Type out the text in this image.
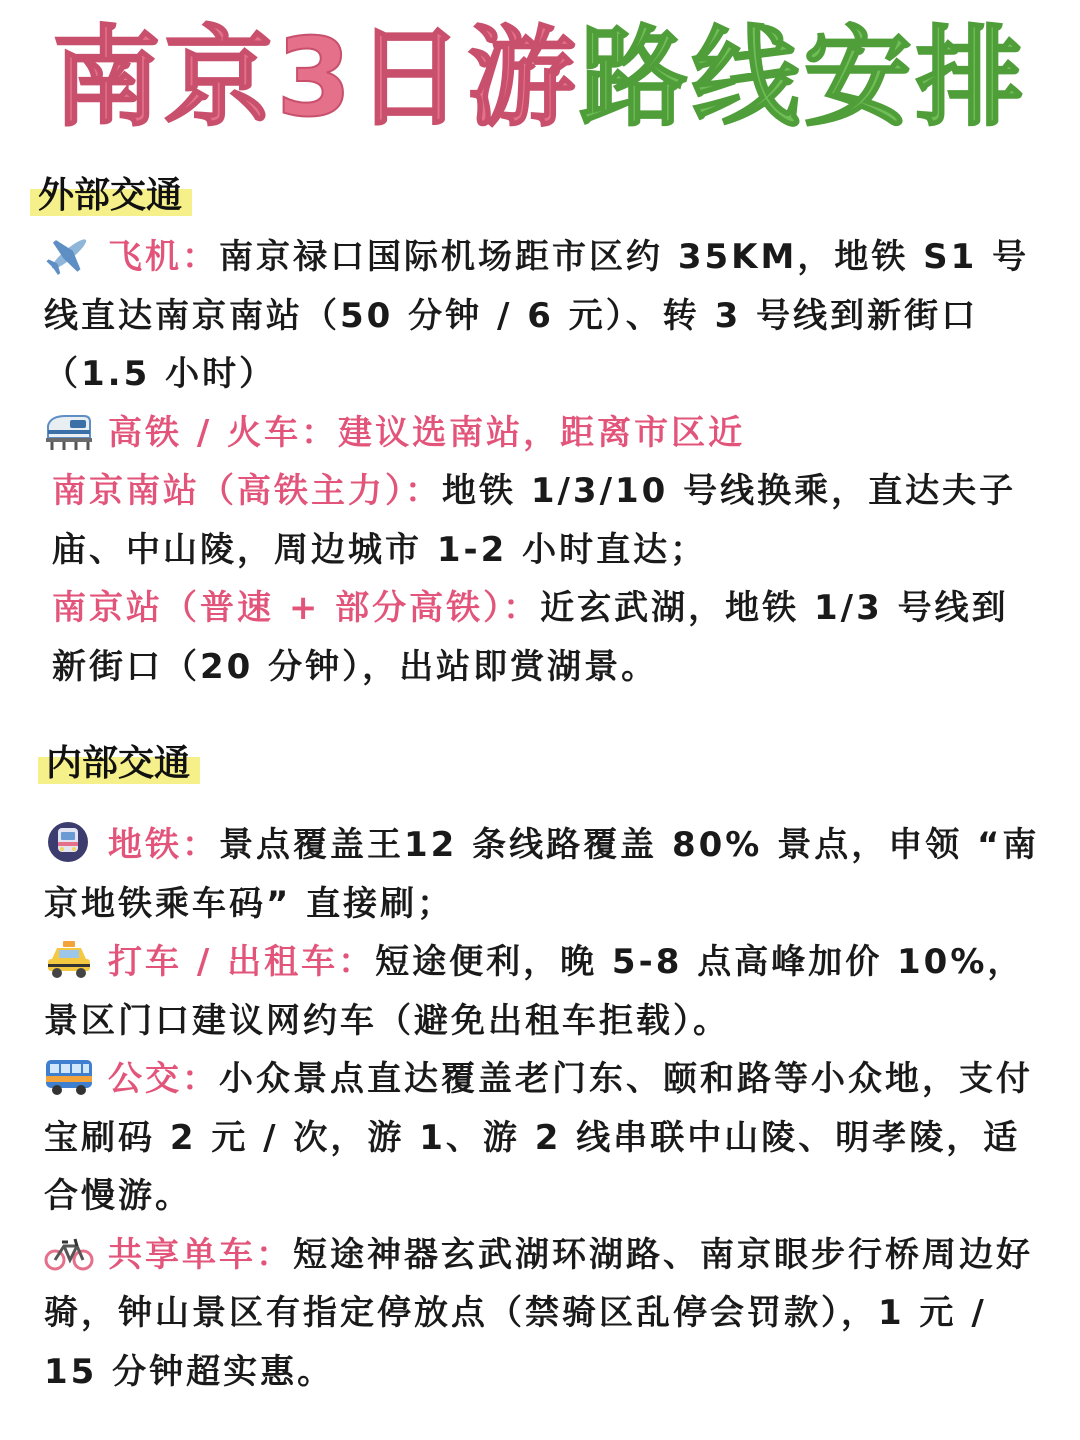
南京3日游路线安排
外部交通
飞机：南京禄口国际机场距市区约 35KM，地铁 S1 号线直达南京南站（50 分钟 / 6 元）、转 3 号线到新街口（1.5 小时）
高铁 / 火车：建议选南站，距离市区近
南京南站（高铁主力）：地铁 1/3/10 号线换乘，直达夫子庙、中山陵，周边城市 1-2 小时直达；
南京站（普速 + 部分高铁）：近玄武湖，地铁 1/3 号线到新街口（20 分钟），出站即赏湖景。
内部交通
地铁：景点覆盖王12 条线路覆盖 80% 景点，申领 “南京地铁乘车码” 直接刷；
打车 / 出租车：短途便利，晚 5-8 点高峰加价 10%，景区门口建议网约车（避免出租车拒载）。
公交：小众景点直达覆盖老门东、颐和路等小众地，支付宝刷码 2 元 / 次，游 1、游 2 线串联中山陵、明孝陵，适合慢游。
共享单车：短途神器玄武湖环湖路、南京眼步行桥周边好骑，钟山景区有指定停放点（禁骑区乱停会罚款），1 元 / 15 分钟超实惠。
